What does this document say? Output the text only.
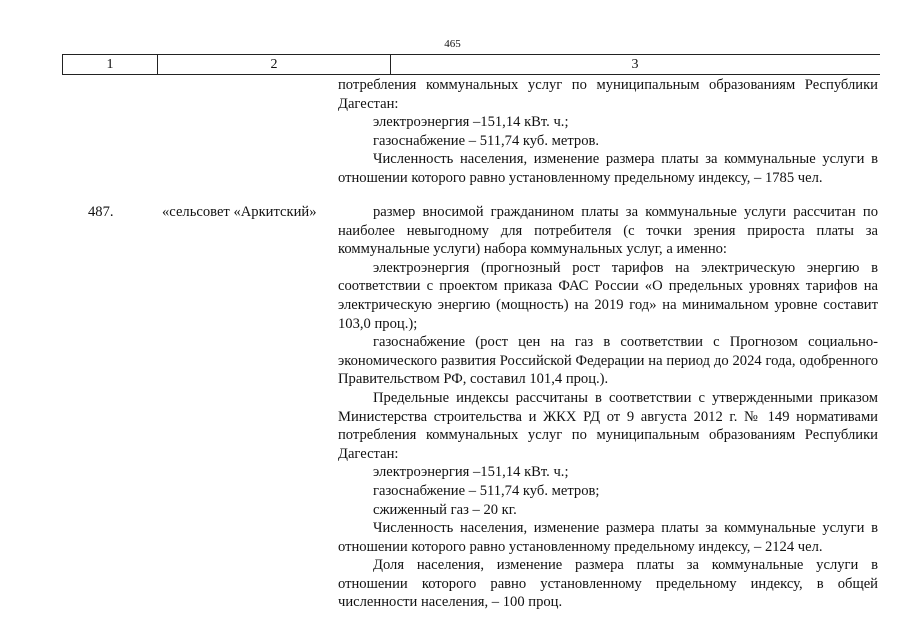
465
1	2	3

потребления коммунальных услуг по муниципальным образованиям Республики Дагестан:

электроэнергия –151,14 кВт. ч.;

газоснабжение – 511,74 куб. метров.

Численность населения, изменение размера платы за коммунальные услуги в отношении которого равно установленному предельному индексу, – 1785 чел.

487.	«сельсовет «Аркитский»	размер вносимой гражданином платы за коммунальные услуги рассчитан по наиболее невыгодному для потребителя (с точки зрения прироста платы за коммунальные услуги) набора коммунальных услуг, а именно:

электроэнергия (прогнозный рост тарифов на электрическую энергию в соответствии с проектом приказа ФАС России «О предельных уровнях тарифов на электрическую энергию (мощность) на 2019 год» на минимальном уровне составит 103,0 проц.);

газоснабжение (рост цен на газ в соответствии с Прогнозом социально-экономического развития Российской Федерации на период до 2024 года, одобренного Правительством РФ, составил 101,4 проц.).

Предельные индексы рассчитаны в соответствии с утвержденными приказом Министерства строительства и ЖКХ РД от 9 августа 2012 г. № 149 нормативами потребления коммунальных услуг по муниципальным образованиям Республики Дагестан:

электроэнергия –151,14 кВт. ч.;

газоснабжение – 511,74 куб. метров;

сжиженный газ – 20 кг.

Численность населения, изменение размера платы за коммунальные услуги в отношении которого равно установленному предельному индексу, – 2124 чел.

Доля населения, изменение размера платы за коммунальные услуги в отношении которого равно установленному предельному индексу, в общей численности населения, – 100 проц.
